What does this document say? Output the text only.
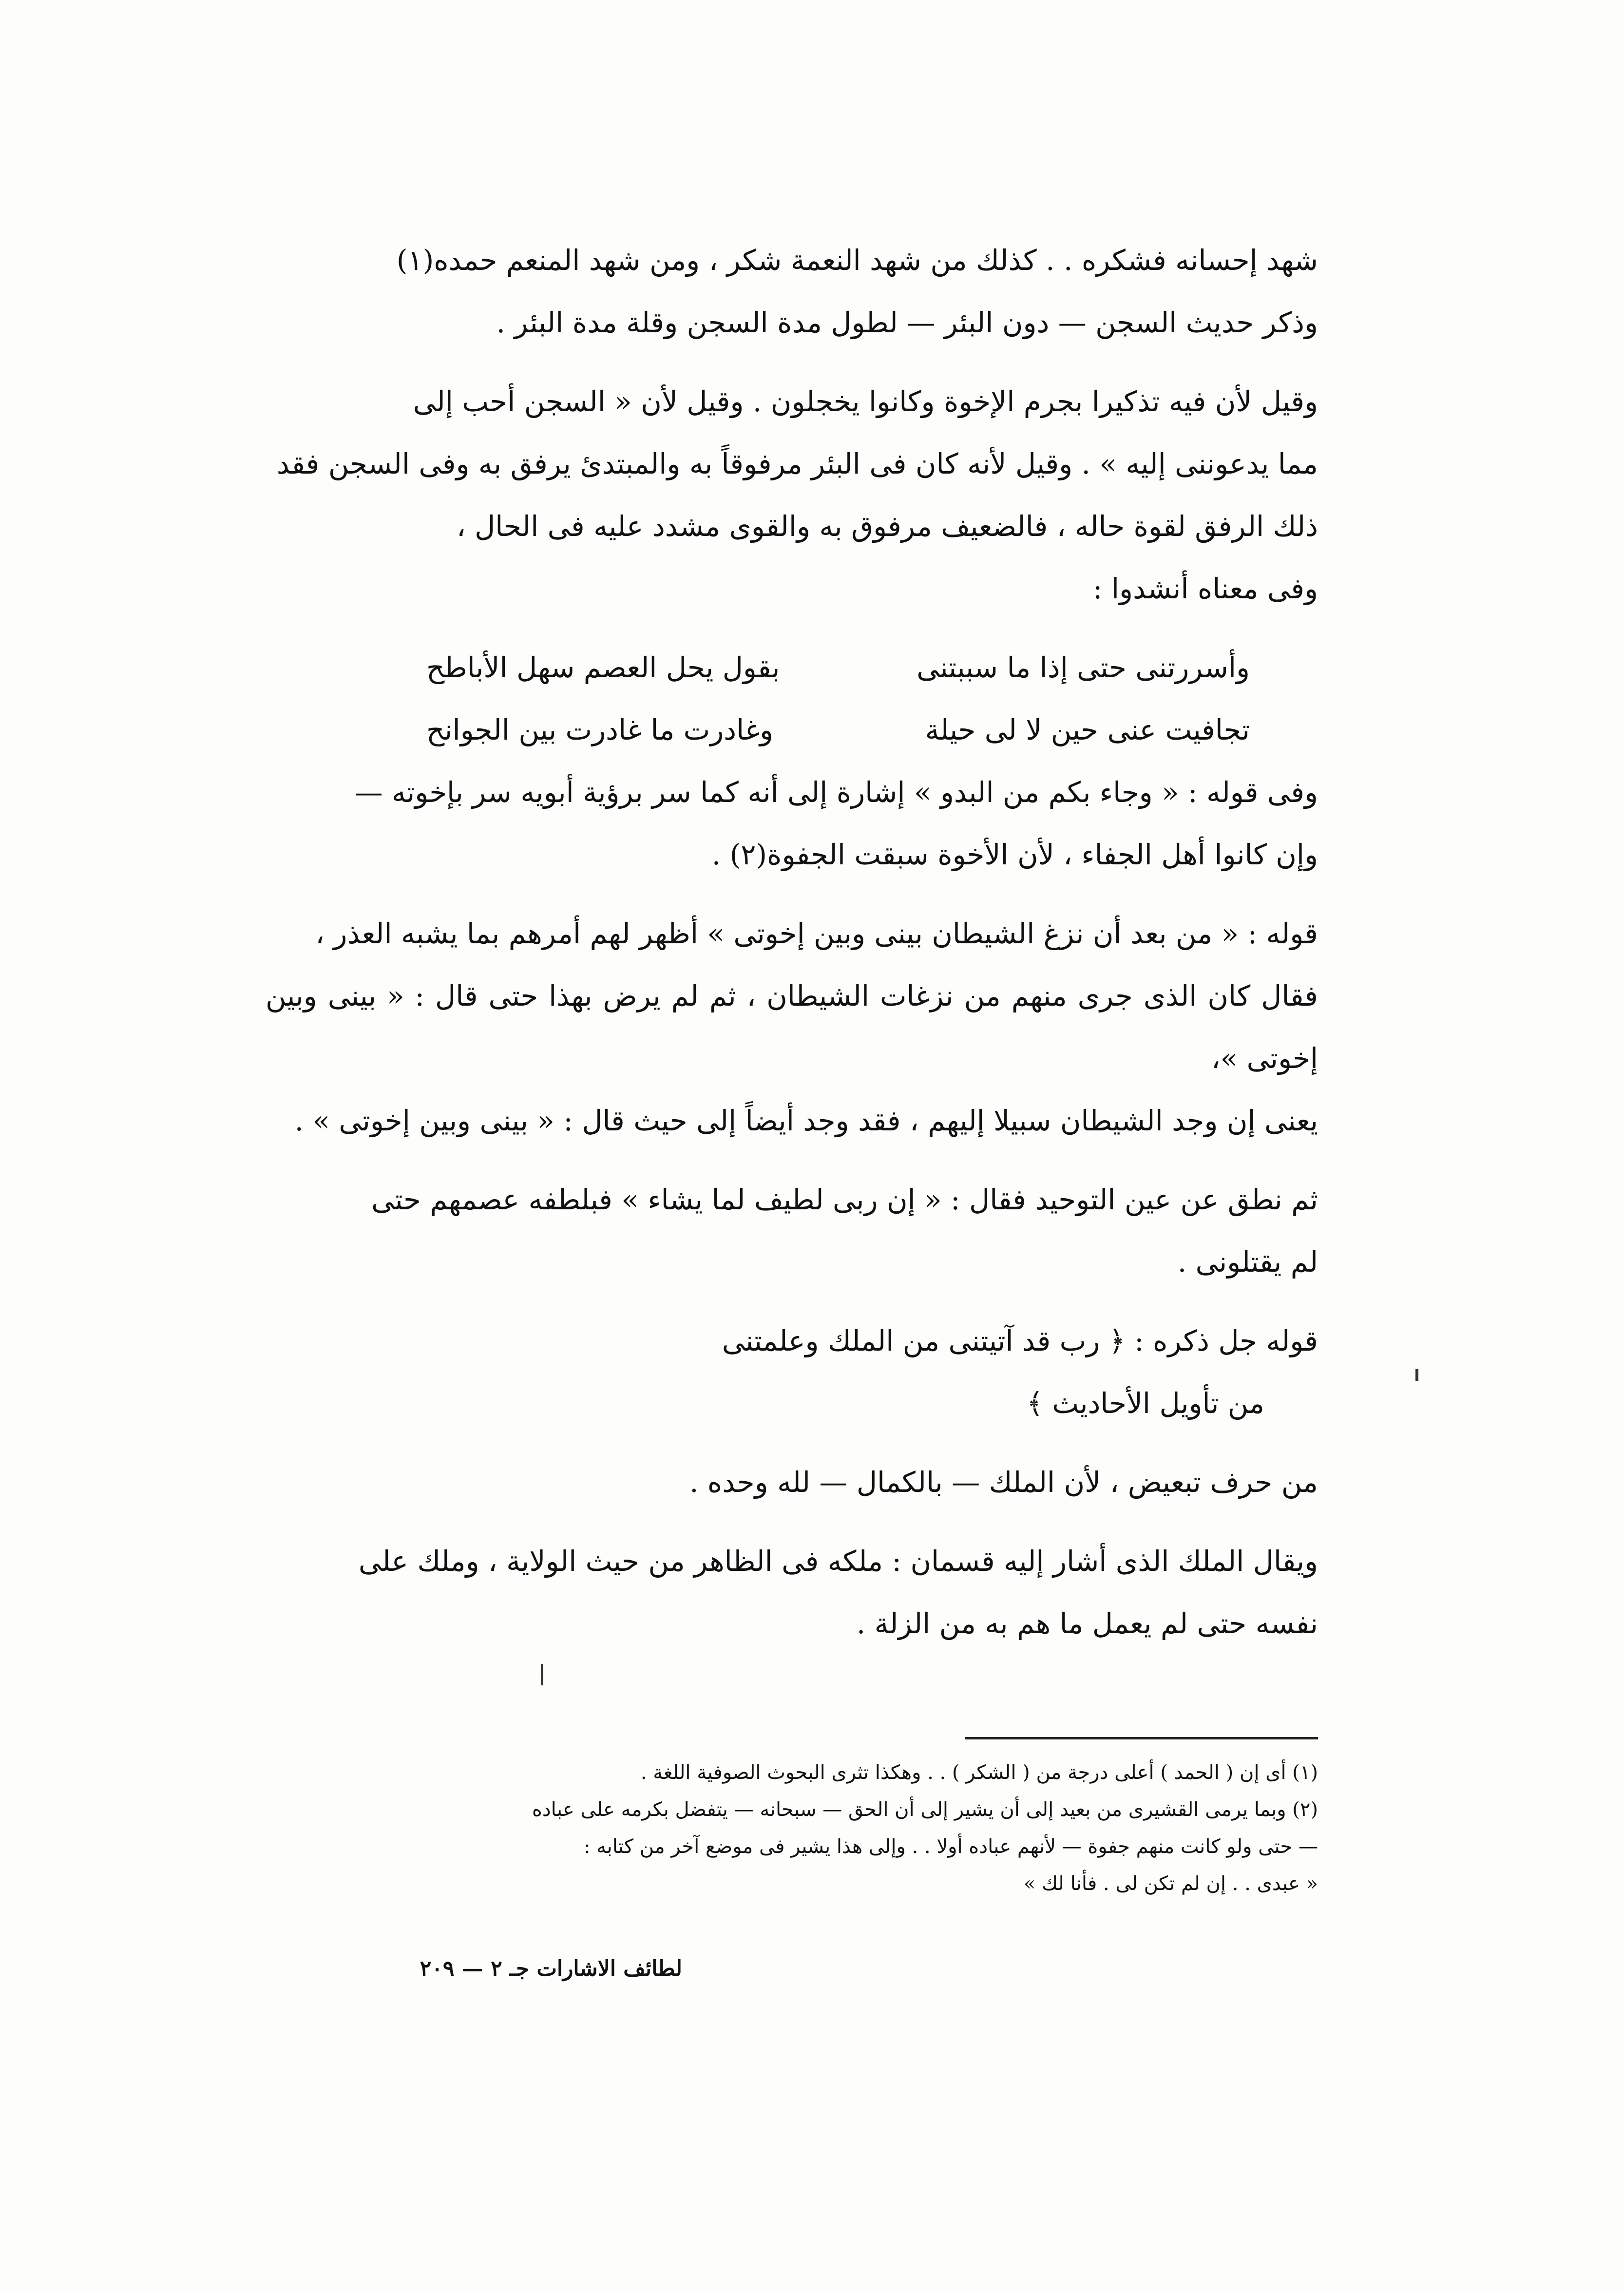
شهد إحسانه فشكره . . كذلك من شهد النعمة شكر ، ومن شهد المنعم حمده(١)

وذكر حديث السجن — دون البئر — لطول مدة السجن وقلة مدة البئر .

وقيل لأن فيه تذكيرا بجرم الإخوة وكانوا يخجلون . وقيل لأن « السجن أحب إلى

مما يدعوننى إليه » . وقيل لأنه كان فى البئر مرفوقاً به والمبتدئ يرفق به وفى السجن فقد

ذلك الرفق لقوة حاله ، فالضعيف مرفوق به والقوى مشدد عليه فى الحال ،

وفى معناه أنشدوا :

وأسررتنى حتى إذا ما سببتنى
بقول يحل العصم سهل الأباطح
تجافيت عنى حين لا لى حيلة
وغادرت ما غادرت بين الجوانح

وفى قوله : « وجاء بكم من البدو » إشارة إلى أنه كما سر برؤية أبويه سر بإخوته —

وإن كانوا أهل الجفاء ، لأن الأخوة سبقت الجفوة(٢) .

قوله : « من بعد أن نزغ الشيطان بينى وبين إخوتى » أظهر لهم أمرهم بما يشبه العذر ،

فقال كان الذى جرى منهم من نزغات الشيطان ، ثم لم يرض بهذا حتى قال : « بينى وبين إخوتى »،

يعنى إن وجد الشيطان سبيلا إليهم ، فقد وجد أيضاً إلى حيث قال : « بينى وبين إخوتى » .

ثم نطق عن عين التوحيد فقال : « إن ربى لطيف لما يشاء » فبلطفه عصمهم حتى

لم يقتلونى .

قوله جل ذكره : ﴿ رب قد آتيتنى من الملك وعلمتنى

من تأويل الأحاديث ﴾

من حرف تبعيض ، لأن الملك — بالكمال — لله وحده .

ويقال الملك الذى أشار إليه قسمان : ملكه فى الظاهر من حيث الولاية ، وملك على

نفسه حتى لم يعمل ما هم به من الزلة .

(١) أى إن ( الحمد ) أعلى درجة من ( الشكر ) . . وهكذا تثرى البحوث الصوفية اللغة .

(٢) وبما يرمى القشيرى من بعيد إلى أن يشير إلى أن الحق — سبحانه — يتفضل بكرمه على عباده

— حتى ولو كانت منهم جفوة — لأنهم عباده أولا . . وإلى هذا يشير فى موضع آخر من كتابه :

« عبدى . . إن لم تكن لى . فأنا لك »

لطائف الاشارات جـ ٢ — ٢٠٩
